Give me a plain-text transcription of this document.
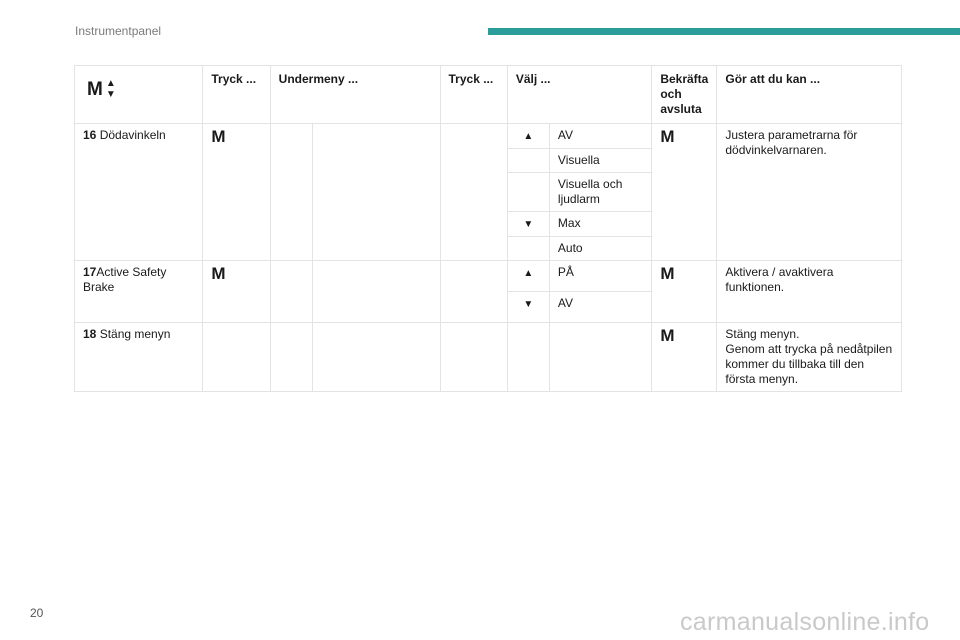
Instrumentpanel
M ▲
▼	Tryck ...	Undermeny ...		Tryck ...	Välj ...		Bekräfta och avsluta	Gör att du kan ...
16 Dödavinkeln	M				▲	AV	M	Justera parametrarna för dödvinkelvarnaren.
						Visuella		
						Visuella och ljudlarm		
					▼	Max		
						Auto		
17Active Safety Brake	M				▲	PÅ	M	Aktivera / avaktivera funktionen.
					▼	AV		
18 Stäng menyn							M	Stäng menyn.
Genom att trycka på nedåtpilen kommer du tillbaka till den första menyn.
20	carmanualsonline.info
